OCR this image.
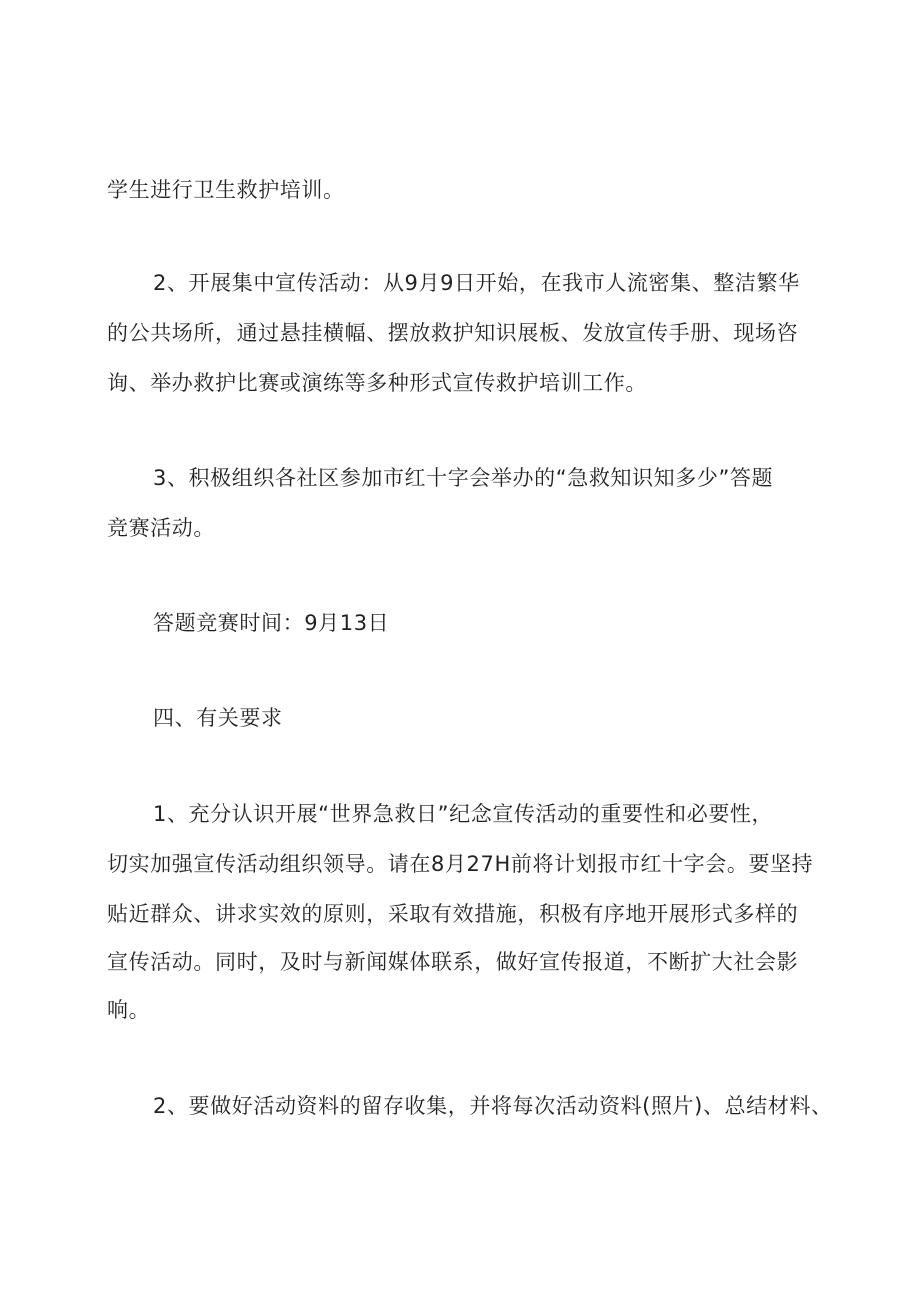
学生进行卫生救护培训。
2、开展集中宣传活动：从9月9日开始，在我市人流密集、整洁繁华
的公共场所，通过悬挂横幅、摆放救护知识展板、发放宣传手册、现场咨
询、举办救护比赛或演练等多种形式宣传救护培训工作。
3、积极组织各社区参加市红十字会举办的“急救知识知多少”答题
竞赛活动。
答题竞赛时间：9月13日
四、有关要求
1、充分认识开展“世界急救日”纪念宣传活动的重要性和必要性，
切实加强宣传活动组织领导。请在8月27H前将计划报市红十字会。要坚持
贴近群众、讲求实效的原则，采取有效措施，积极有序地开展形式多样的
宣传活动。同时，及时与新闻媒体联系，做好宣传报道，不断扩大社会影
响。
2、要做好活动资料的留存收集，并将每次活动资料(照片)、总结材料、
